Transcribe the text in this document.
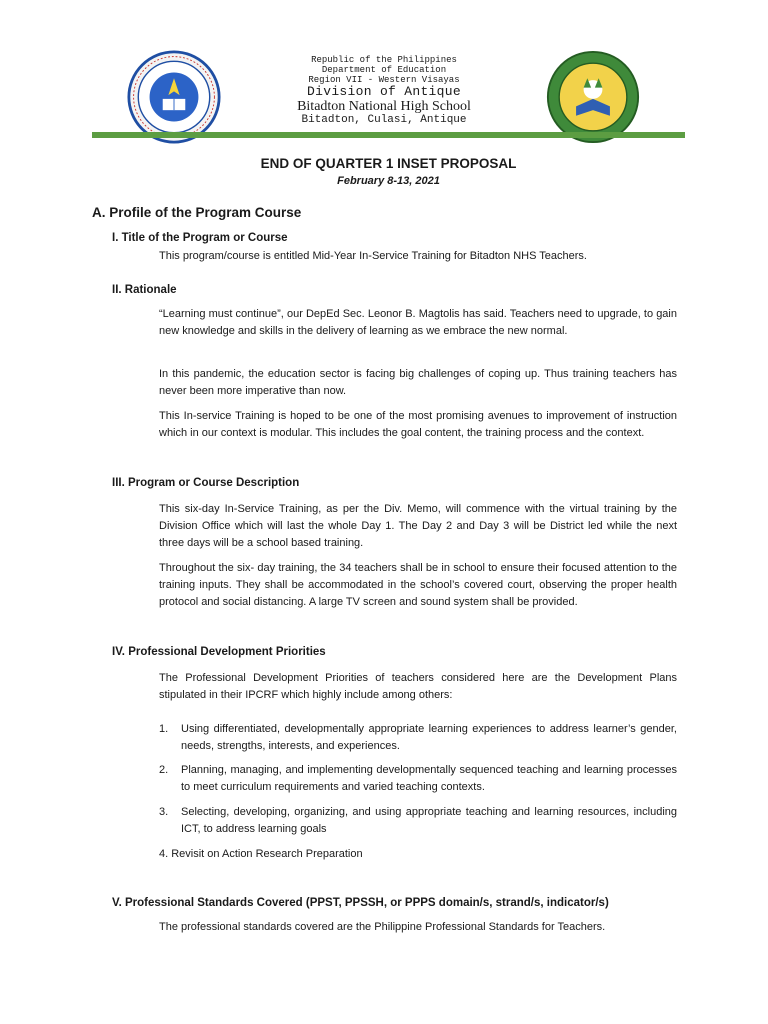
Republic of the Philippines
Department of Education
Region VII - Western Visayas
Division of Antique
Bitadton National High School
Bitadton, Culasi, Antique
END OF QUARTER 1 INSET PROPOSAL
February 8-13, 2021
A. Profile of the Program Course
I. Title of the Program or Course
This program/course is entitled Mid-Year In-Service Training for Bitadton NHS Teachers.
II. Rationale
“Learning must continue”, our DepEd Sec. Leonor B. Magtolis has said. Teachers need to upgrade, to gain new knowledge and skills in the delivery of learning as we embrace the new normal.
In this pandemic, the education sector is facing big challenges of coping up. Thus training teachers has never been more imperative than now.
This In-service Training is hoped to be one of the most promising avenues to improvement of instruction which in our context is modular. This includes the goal content, the training process and the context.
III. Program or Course Description
This six-day In-Service Training, as per the Div. Memo, will commence with the virtual training by the Division Office which will last the whole Day 1. The Day 2 and Day 3 will be District led while the next three days will be a school based training.
Throughout the six- day training, the 34 teachers shall be in school to ensure their focused attention to the training inputs. They shall be accommodated in the school’s covered court, observing the proper health protocol and social distancing. A large TV screen and sound system shall be provided.
IV. Professional Development Priorities
The Professional Development Priorities of teachers considered here are the Development Plans stipulated in their IPCRF which highly include among others:
1. Using differentiated, developmentally appropriate learning experiences to address learner’s gender, needs, strengths, interests, and experiences.
2. Planning, managing, and implementing developmentally sequenced teaching and learning processes to meet curriculum requirements and varied teaching contexts.
3. Selecting, developing, organizing, and using appropriate teaching and learning resources, including ICT, to address learning goals
4. Revisit on Action Research Preparation
V. Professional Standards Covered (PPST, PPSSH, or PPPS domain/s, strand/s, indicator/s)
The professional standards covered are the Philippine Professional Standards for Teachers.
